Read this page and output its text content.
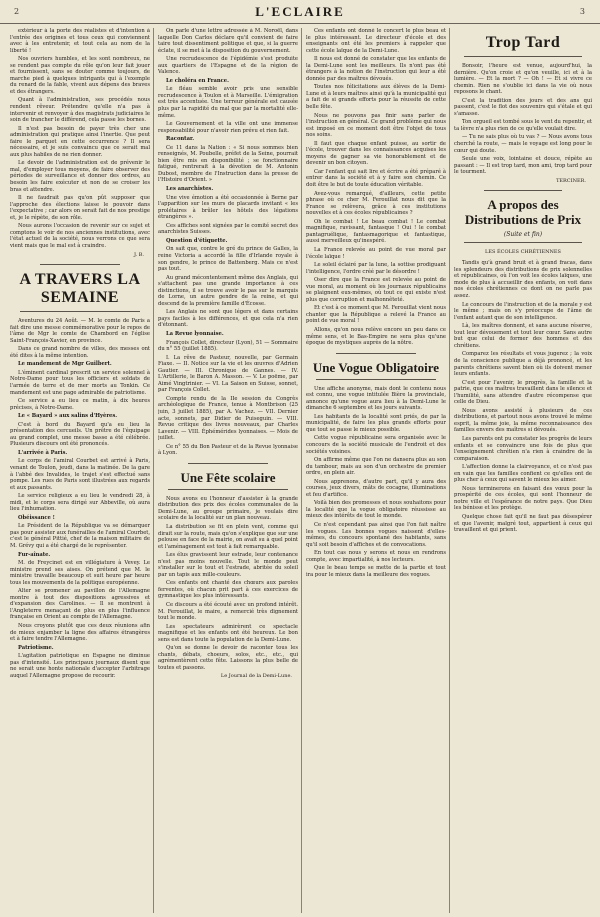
2	L'ECLAIRE	3

extérieur à la porte des réalistes et d'intention à l'entrée des origines et tous ceux qui conviennent avec à les entretenir, et tout cela au nom de la liberté !

Nos ouvriers humbles, et les sont nombreux, ne se rendent pas compte du rôle qu'on leur fait jouer et fournissent, sans se douter comme toujours, de marche pied à quelques intrigants qui à l'exemple du renard de la fable, vivent aux dépens des braves et des étrangers.

Quant à l'administration, ses procédés nous rendent rêveur. Prétendre qu'elle n'a pas à intervenir et renvoyer à des magistrats judiciaires le soin de trancher le différend, cela passe les bornes.

Il n'est pas besoin de payer très cher une administration qui pratique ainsi l'inertie. Que peut faire le parquet en cette occurrence ? Il sera nécessaire, et je suis convaincu que ce serait mal aux plus habiles de ne rien donner.

Le devoir de l'administration est de prévenir le mal, d'employer tous moyens, de faire observer des périodes de surveillance et donner des ordres, au besoin les faire exécuter et non de se croiser les bras et attendre.

Il ne faudrait pas qu'on pût supposer que l'approche des élections laisse le pouvoir dans l'expectative ; car alors on serait fait de nos prestige et, je le répète, de son rôle.

Nous aurons l'occasion de revenir sur ce sujet et comptons le voir de nos anciennes institutions, avec l'état actuel de la société, nous verrons ce que sera vient mais que le mal est à craindre.

J. B.
A TRAVERS LA SEMAINE

Aventures du 24 Août. — M. le comte de Paris a fait dire une messe commémorative pour le repos de l'âme de Mgr le comte de Chambord en l'église Saint-François-Xavier, en province.

Dans ce grand nombre de villes, des messes ont été dites à la même intention.

Le mandement de Mgr Guilbert.

L'éminent cardinal prescrit un service solennel à Notre-Dame pour tous les officiers et soldats de l'armée de terre et de mer morts au Tonkin. Ce mandement est une page admirable de patriotisme.

Ce service a eu lieu ce matin, à dix heures précises, à Notre-Dame.

Le « Bayard » aux salins d'Hyères.

C'est à bord du Bayard qu'a eu lieu la présentation des cercueils. Un prêtre de l'équipage au grand complet, une messe basse a été célébrée. Plusieurs discours ont été prononcés.

L'arrivée à Paris.

Le corps de l'amiral Courbet est arrivé à Paris, venant de Toulon, jeudi, dans la matinée. De la gare à l'abbé des Invalides, le trajet s'est effectué sans pompe. Les rues de Paris sont illustrées aux regards et aux passants.

Le service religieux a eu lieu le vendredi 28, à midi, et le corps sera dirigé sur Abbeville, où aura lieu l'inhumation.

Obéissance !

Le Président de la République va se démarquer pas pour assister aux funérailles de l'amiral Courbet, c'est le général Pittié, chef de la maison militaire de M. Grévy qui a été chargé de le représenter.

Fur-aînate.

M. de Freycinet est en villégiature à Vevey. Le ministre prend ses aises. On prétend que M. le ministre travaille beaucoup et suit heure par heure tous les mouvements de la politique européenne.

Alter se promener au pavillon de l'Allemagne montre à tout des dispositions agressives et d'expansion des Carolines. — Il se montrent à l'Angleterre menaçant de plus en plus l'influence française en Orient au compte de l'Allemagne.

Nous croyons plutôt que ces deux réunions afin de mieux enjamber la ligne des affaires étrangères et à faire tendre l'Allemagne.

Patriotisme.

L'agitation patriotique en Espagne ne diminue pas d'intensité. Les principaux journaux disent que ne serait une honte nationale d'accepter l'arbitrage auquel l'Allemagne propose de recourir.

On parle d'une lettre adressée à M. Noroël, dans laquelle Don Carlos déclare qu'il convient de faire taire tout dissentiment politique et que, si la guerre éclate, il se met à la disposition du gouvernement.

Une recrudescence de l'épidémie s'est produite aux quartiers de l'Espagne et de la région de Valence.

Le choléra en France.

Le fléau semble avoir pris une sensible recrudescence à Toulon et à Marseille. L'émigration est très accentuée. Une terreur générale est causée plus par la rapidité du mal que par la mortalité elle-même.

Le Gouvernement et la ville ont une immense responsabilité pour n'avoir rien prévu et rien fait.

Racontar.

Ce 11 dans la Nation : « Si nous sommes bien renseignés, M. Poubelle, préfet de la Seine, pourrait bien être mis en disponibilité ; se fonctionnaire fatigué, rentrerait à la dévotion de M. Antonin Dubost, membre de l'Instruction dans la presse de l'Histoire d'Orient. »

Les anarchistes.

Une vive émotion a été occasionnée à Berne par l'apparition sur les murs de placards invitant « les prolétaires à brûler les hôtels des légations étrangères ».

Ces affiches sont signées par le comité secret des anarchistes Suisses.

Question d'étiquette.

On sait que, contre le gré du prince de Galles, la reine Victoria a accordé la fille d'Irlande royale à son gendre, le prince de Battenberg. Mais ce n'est pas tout.

Au grand mécontentement même des Anglais, qui s'attachent pas une grande importance à ces distinctions, il se trouve avoir le pas sur le marquis de Lorne, un autre gendre de la reine, et qui descend de la première famille d'Écosse.

Les Anglais ne sont que légers et dans certains pays faciles à les différences, et que cela n'a rien d'étonnant.

La Revue lyonnaise.

François Collet, directeur (Lyon), 51 — Sommaire du n° 55 (juillet 1885).

I. La rêve de Pasteur, nouvelle, par Germain Fiaxe. — II. Notice sur la vie et les œuvres d'Adrien Gautier. — III. Chronique de Gannes. — IV. L'Artillerie, le Baron A. Masson. — V. Le poëme, par Aimé Vingtrinier. — VI. La Saison en Suisse, sonnet, par François Collet.

Compte rendu de la IIe session du Congrès archéologique de France, tenue à Montbrison (25 juin, 3 juillet 1885), par A. Vachez. — VII. Dernier acte, sonnets, par Didier de Puiseguin. — VIII. Revue critique des livres nouveaux, par Charles Lavenir. — VIII. Éphémérides lyonnaises. — Mois de juillet.

Ce n° 55 du Bon Pasteur et de la Revue lyonnaise à Lyon.

Une Fête scolaire

Nous avons eu l'honneur d'assister à la grande distribution des prix des écoles communales de la Demi-Lune, au groupe primaire, je voulais dire scolaire de la localité sur un plan nouveau.

La distribution se fit en plein vent, comme qui dirait sur la route, mais qu'on s'explique que sur une pelouse en face de la mairie, on avait su à quel point et l'aménagement est tout à fait remarquable.

Les élus gravissent leur estrade, leur contenance n'est pas moins nouvelle. Tout le monde peut s'installer sur le tout et l'estrade, abritée du soleil par un tapis aux mille-couleurs.

Ces enfants ont chanté des chœurs aux paroles ferventes, où chacun prit part à ces exercices de gymnastique les plus intéressants.

Ce discours a été écouté avec un profond intérêt. M. Ferouillat, le maire, a remercié très dignement tout le monde.

Les spectateurs admirèrent ce spectacle magnifique et les enfants ont été heureux. Le bon sens est dans toute la population de la Demi-Lune.

Qu'on se donne le devoir de raconter tous les chants, débats, choeurs, solos, etc., etc., qui agrémentèrent cette fête. Laissons la plus belle de toutes et passons.

Le Journal de la Demi-Lune.

Ces enfants ont donné le concert le plus beau et le plus intéressant. Le directeur d'école et des enseignants ont été les premiers à rappeler que cette école laïque de la Demi-Lune.

Il nous est donné de constater que les enfants de la Demi-Lune sont les meilleurs. Ils n'ont pas été étrangers à la notion de l'instruction qui leur a été donnée par des maîtres dévoués.

Toutes nos félicitations aux élèves de la Demi-Lune et à leurs maîtres ainsi qu'à la municipalité qui a fait de si grands efforts pour la réussite de cette belle fête.

Nous ne pouvons pas finir sans parler de l'instruction en général. Ce grand problème qui nous est imposé en ce moment doit être l'objet de tous nos soins.

Il faut que chaque enfant puisse, au sortir de l'école, trouver dans les connaissances acquises les moyens de gagner sa vie honorablement et de devenir un bon citoyen.

Car l'enfant qui sait lire et écrire a été préparé à entrer dans la société et à y faire son chemin. Ce doit être le but de toute éducation véritable.

Avez-vous remarqué, d'ailleurs, cette petite phrase où ce cher M. Ferouillat nous dit que la France se relèvera, grâce à ces institutions nouvelles et à ces écoles républicaines ?

Oh le combat ! Le beau combat ! Le combat magnifique, ravissant, fantasque ! Oui ! le combat pantagruélique, fantasmagorique et fantastique, aussi merveilleux qu'inespéré.

La France relevée au point de vue moral par l'école laïque !

Le soleil éclairé par la lune, la sottise prodiguant l'intelligence, l'ordre créé par le désordre !

Oser dire que la France est relevée au point de vue moral, au moment où les journaux républicains se plaignent eux-mêmes, où tout ce qui existe n'est plus que corruption et malhonnêteté.

Et c'est à ce moment que M. Ferouillat vient nous chanter que la République a relevé la France au point de vue moral !

Allons, qu'on nous relève encore un peu dans ce même sens, et le Bas-Empire ne sera plus qu'une époque de mystiques auprès de la nôtre.

Une Vogue Obligatoire

Une affiche anonyme, mais dont le contenu nous est connu, une vogue intitulée Bière la provinciale, annonce qu'une vogue aura lieu à la Demi-Lune le dimanche 6 septembre et les jours suivants.

Les habitants de la localité sont priés, de par la municipalité, de faire les plus grands efforts pour que tout se passe le mieux possible.

Cette vogue républicaine sera organisée avec le concours de la société musicale de l'endroit et des sociétés voisines.

On affirme même que l'on ne dansera plus au son du tambour, mais au son d'un orchestre de premier ordre, en plein air.

Nous apprenons, d'autre part, qu'il y aura des courses, jeux divers, mâts de cocagne, illuminations et feu d'artifice.

Voilà bien des promesses et nous souhaitons pour la localité que la vogue obligatoire réussisse au mieux des intérêts de tout le monde.

Ce n'est cependant pas ainsi que l'on fait naître les vogues. Les bonnes vogues naissent d'elles-mêmes, du concours spontané des habitants, sans qu'il soit besoin d'affiches et de convocations.

En tout cas nous y serons et nous en rendrons compte, avec impartialité, à nos lecteurs.

Que le beau temps se mette de la partie et tout ira pour le mieux dans la meilleure des vogues.

Trop Tard

Bonsoir, l'heure est venue, aujourd'hui, la dernière. Qu'on croie et qu'on veuille, ici et à la lumière. — Et la mort ? — Oh ! — Et si vivre ce chemin. Rien ne s'oublie ici dans la vie où nous reposons le chant.

C'est la tradition des jours et des ans qui passent, c'est le flot des souvenirs qui s'étale et qui s'amasse.

Ton orgueil est tombé sous le vent du repentir, et ta lèvre n'a plus rien de ce qu'elle voulait dire.

— Tu ne sais plus où tu vas ? — Nous avons tous cherché la route, — mais le voyage est long pour le cœur qui doute.

Seule une voix, lointaine et douce, répète au passant : — Il est trop tard, mon ami, trop tard pour le tourment.

TERCINER.
A propos des Distributions de Prix
(Suite et fin)
LES ÉCOLES CHRÉTIENNES

Tandis qu'à grand bruit et à grand fracas, dans les splendeurs des distributions de prix solennelles et républicaines, où l'on voit les écoles laïques, une mode de plus à accueillir des enfants, on voit dans nos écoles chrétiennes ce dont on ne parle pas assez.

Le concours de l'instruction et de la morale y est le même ; mais on s'y préoccupe de l'âme de l'enfant autant que de son intelligence.

Là, les maîtres donnent, et sans aucune réserve, tout leur dévouement et tout leur cœur. Sans autre but que celui de former des hommes et des chrétiens.

Comparez les résultats et vous jugerez ; la voix de la conscience publique a déjà prononcé, et les parents chrétiens savent bien où ils doivent mener leurs enfants.

C'est pour l'avenir, le progrès, la famille et la patrie, que ces maîtres travaillent dans le silence et l'humilité, sans attendre d'autre récompense que celle de Dieu.

Nous avons assisté à plusieurs de ces distributions, et partout nous avons trouvé le même esprit, la même joie, la même reconnaissance des familles envers des maîtres si dévoués.

Les parents ont pu constater les progrès de leurs enfants et se convaincre une fois de plus que l'enseignement chrétien n'a rien à craindre de la comparaison.

L'affection donne la clairvoyance, et ce n'est pas en vain que les familles confient ce qu'elles ont de plus cher à ceux qui savent le mieux les aimer.

Nous terminerons en faisant des vœux pour la prospérité de ces écoles, qui sont l'honneur de notre ville et l'espérance de notre pays. Que Dieu les bénisse et les protège.

Quelque chose fait qu'il ne faut pas désespérer et que l'avenir, malgré tout, appartient à ceux qui travaillent et qui prient.
